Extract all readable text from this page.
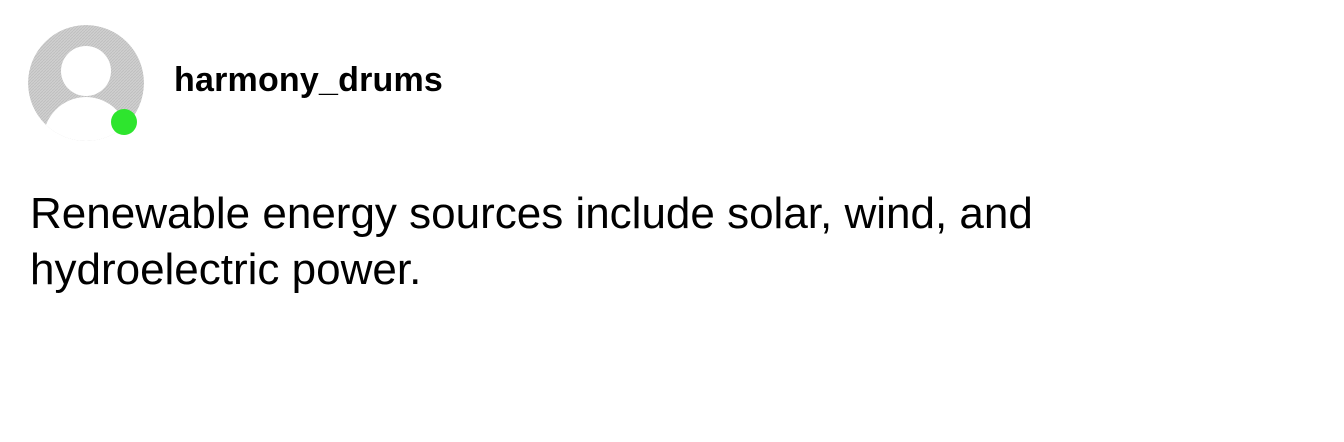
harmony_drums

Renewable energy sources include solar, wind, and hydroelectric power.
